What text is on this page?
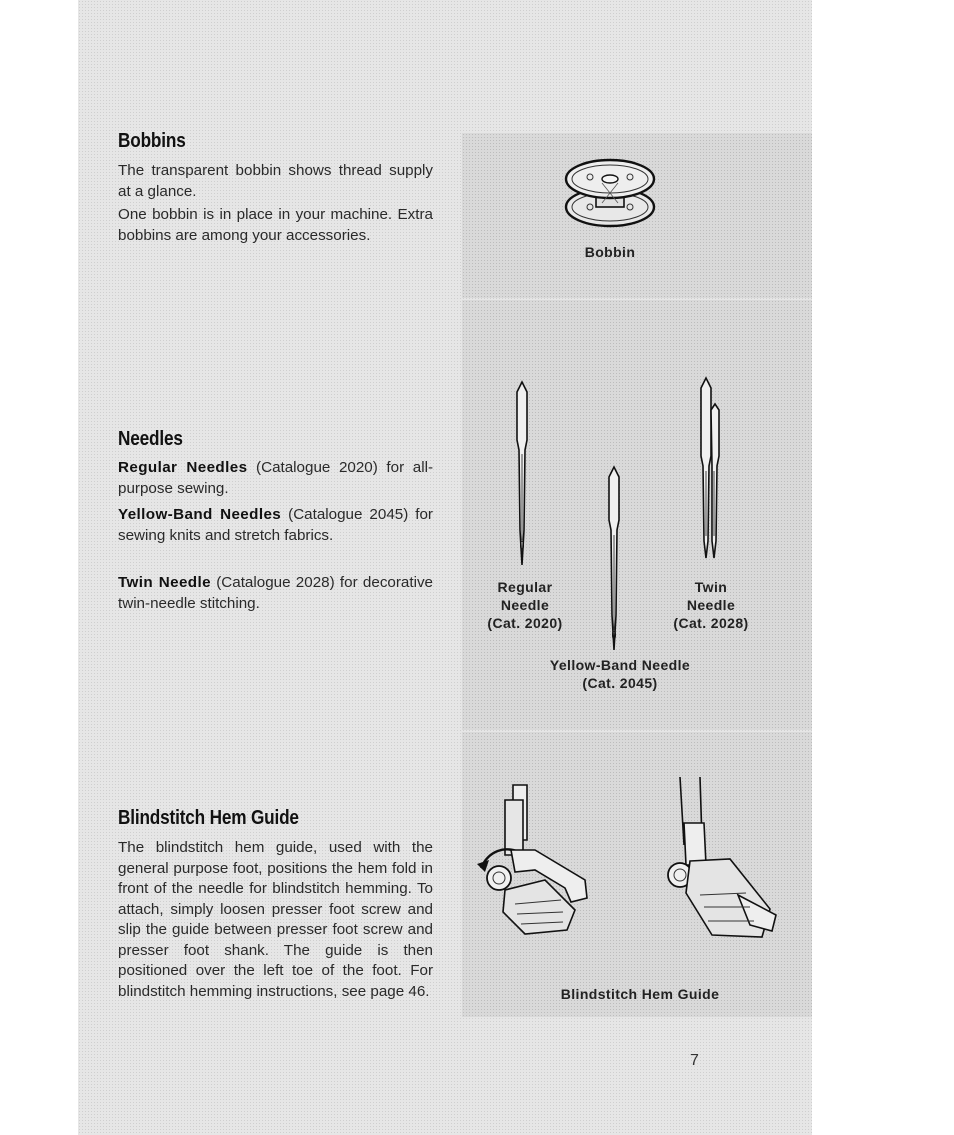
Bobbins

The transparent bobbin shows thread supply at a glance.

One bobbin is in place in your machine. Extra bobbins are among your accessories.

Bobbin

Needles

Regular Needles (Catalogue 2020) for all-purpose sewing.

Yellow-Band Needles (Catalogue 2045) for sewing knits and stretch fabrics.

Twin Needle (Catalogue 2028) for decorative twin-needle stitching.

Regular
Needle
(Cat. 2020)

Twin
Needle
(Cat. 2028)

Yellow-Band Needle
(Cat. 2045)

Blindstitch Hem Guide

The blindstitch hem guide, used with the general purpose foot, positions the hem fold in front of the needle for blindstitch hemming. To attach, simply loosen presser foot screw and slip the guide between presser foot screw and presser foot shank. The guide is then positioned over the left toe of the foot. For blindstitch hemming instructions, see page 46.	Blindstitch Hem Guide

7
